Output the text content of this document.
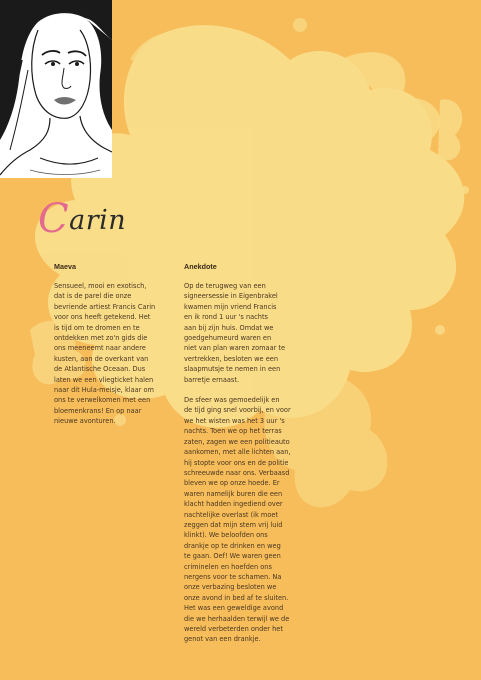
Carin
Maeva

Sensueel, mooi en exotisch,
dat is de parel die onze
bevriende artiest Francis Carin
voor ons heeft getekend. Het
is tijd om te dromen en te
ontdekken met zo'n gids die
ons meeneemt naar andere
kusten, aan de overkant van
de Atlantische Oceaan. Dus
laten we een vliegticket halen
naar dit Hula-meisje, klaar om
ons te verwelkomen met een
bloemenkrans! En op naar
nieuwe avonturen.

Anekdote

Op de terugweg van een
signeersessie in Eigenbrakel
kwamen mijn vriend Francis
en ik rond 1 uur 's nachts
aan bij zijn huis. Omdat we
goedgehumeurd waren en
niet van plan waren zomaar te
vertrekken, besloten we een
slaapmutsje te nemen in een
barretje ernaast.

De sfeer was gemoedelijk en
de tijd ging snel voorbij, en voor
we het wisten was het 3 uur 's
nachts. Toen we op het terras
zaten, zagen we een politieauto
aankomen, met alle lichten aan,
hij stopte voor ons en de politie
schreeuwde naar ons. Verbaasd
bleven we op onze hoede. Er
waren namelijk buren die een
klacht hadden ingediend over
nachtelijke overlast (ik moet
zeggen dat mijn stem vrij luid
klinkt). We beloofden ons
drankje op te drinken en weg
te gaan. Oef! We waren geen
criminelen en hoefden ons
nergens voor te schamen. Na
onze verbazing besloten we
onze avond in bed af te sluiten.
Het was een geweldige avond
die we herhaalden terwijl we de
wereld verbeterden onder het
genot van een drankje.
